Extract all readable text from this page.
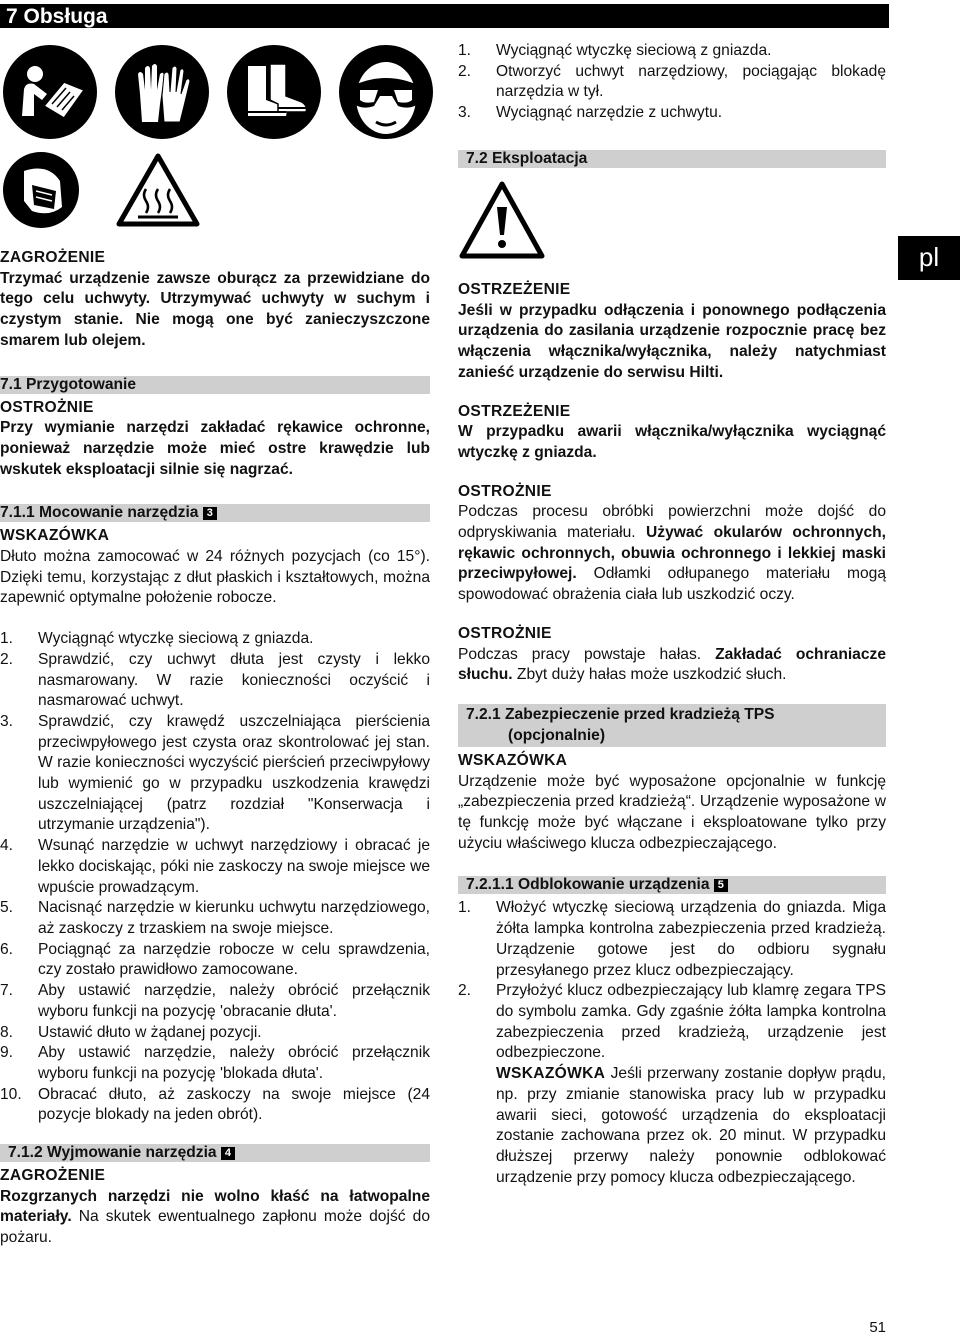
7 Obsługa
pl

ZAGROŻENIE

Trzymać urządzenie zawsze oburącz za przewidziane do tego celu uchwyty. Utrzymywać uchwyty w suchym i czystym stanie. Nie mogą one być zanieczyszczone smarem lub olejem.

7.1 Przygotowanie

OSTROŻNIE

Przy wymianie narzędzi zakładać rękawice ochronne, ponieważ narzędzie może mieć ostre krawędzie lub wskutek eksploatacji silnie się nagrzać.

7.1.1 Mocowanie narzędzia 3

WSKAZÓWKA

Dłuto można zamocować w 24 różnych pozycjach (co 15°). Dzięki temu, korzystając z dłut płaskich i kształtowych, można zapewnić optymalne położenie robocze.

1. Wyciągnąć wtyczkę sieciową z gniazda.
2. Sprawdzić, czy uchwyt dłuta jest czysty i lekko nasmarowany. W razie konieczności oczyścić i nasmarować uchwyt.
3. Sprawdzić, czy krawędź uszczelniająca pierścienia przeciwpyłowego jest czysta oraz skontrolować jej stan. W razie konieczności wyczyścić pierścień przeciwpyłowy lub wymienić go w przypadku uszkodzenia krawędzi uszczelniającej (patrz rozdział "Konserwacja i utrzymanie urządzenia").
4. Wsunąć narzędzie w uchwyt narzędziowy i obracać je lekko dociskając, póki nie zaskoczy na swoje miejsce we wpuście prowadzącym.
5. Nacisnąć narzędzie w kierunku uchwytu narzędziowego, aż zaskoczy z trzaskiem na swoje miejsce.
6. Pociągnąć za narzędzie robocze w celu sprawdzenia, czy zostało prawidłowo zamocowane.
7. Aby ustawić narzędzie, należy obrócić przełącznik wyboru funkcji na pozycję 'obracanie dłuta'.
8. Ustawić dłuto w żądanej pozycji.
9. Aby ustawić narzędzie, należy obrócić przełącznik wyboru funkcji na pozycję 'blokada dłuta'.
10. Obracać dłuto, aż zaskoczy na swoje miejsce (24 pozycje blokady na jeden obrót).

7.1.2 Wyjmowanie narzędzia 4

ZAGROŻENIE

Rozgrzanych narzędzi nie wolno kłaść na łatwopalne materiały. Na skutek ewentualnego zapłonu może dojść do pożaru.

1. Wyciągnąć wtyczkę sieciową z gniazda.
2. Otworzyć uchwyt narzędziowy, pociągając blokadę narzędzia w tył.
3. Wyciągnąć narzędzie z uchwytu.

7.2 Eksploatacja

OSTRZEŻENIE

Jeśli w przypadku odłączenia i ponownego podłączenia urządzenia do zasilania urządzenie rozpocznie pracę bez włączenia włącznika/wyłącznika, należy natychmiast zanieść urządzenie do serwisu Hilti.

OSTRZEŻENIE

W przypadku awarii włącznika/wyłącznika wyciągnąć wtyczkę z gniazda.

OSTROŻNIE

Podczas procesu obróbki powierzchni może dojść do odpryskiwania materiału. Używać okularów ochronnych, rękawic ochronnych, obuwia ochronnego i lekkiej maski przeciwpyłowej. Odłamki odłupanego materiału mogą spowodować obrażenia ciała lub uszkodzić oczy.

OSTROŻNIE

Podczas pracy powstaje hałas. Zakładać ochraniacze słuchu. Zbyt duży hałas może uszkodzić słuch.

7.2.1 Zabezpieczenie przed kradzieżą TPS
(opcjonalnie)

WSKAZÓWKA

Urządzenie może być wyposażone opcjonalnie w funkcję „zabezpieczenia przed kradzieżą“. Urządzenie wyposażone w tę funkcję może być włączane i eksploatowane tylko przy użyciu właściwego klucza odbezpieczającego.

7.2.1.1 Odblokowanie urządzenia 5

1. Włożyć wtyczkę sieciową urządzenia do gniazda. Miga żółta lampka kontrolna zabezpieczenia przed kradzieżą. Urządzenie gotowe jest do odbioru sygnału przesyłanego przez klucz odbezpieczający.
2. Przyłożyć klucz odbezpieczający lub klamrę zegara TPS do symbolu zamka. Gdy zgaśnie żółta lampka kontrolna zabezpieczenia przed kradzieżą, urządzenie jest odbezpieczone.

WSKAZÓWKA Jeśli przerwany zostanie dopływ prądu, np. przy zmianie stanowiska pracy lub w przypadku awarii sieci, gotowość urządzenia do eksploatacji zostanie zachowana przez ok. 20 minut. W przypadku dłuższej przerwy należy ponownie odblokować urządzenie przy pomocy klucza odbezpieczającego.

51
